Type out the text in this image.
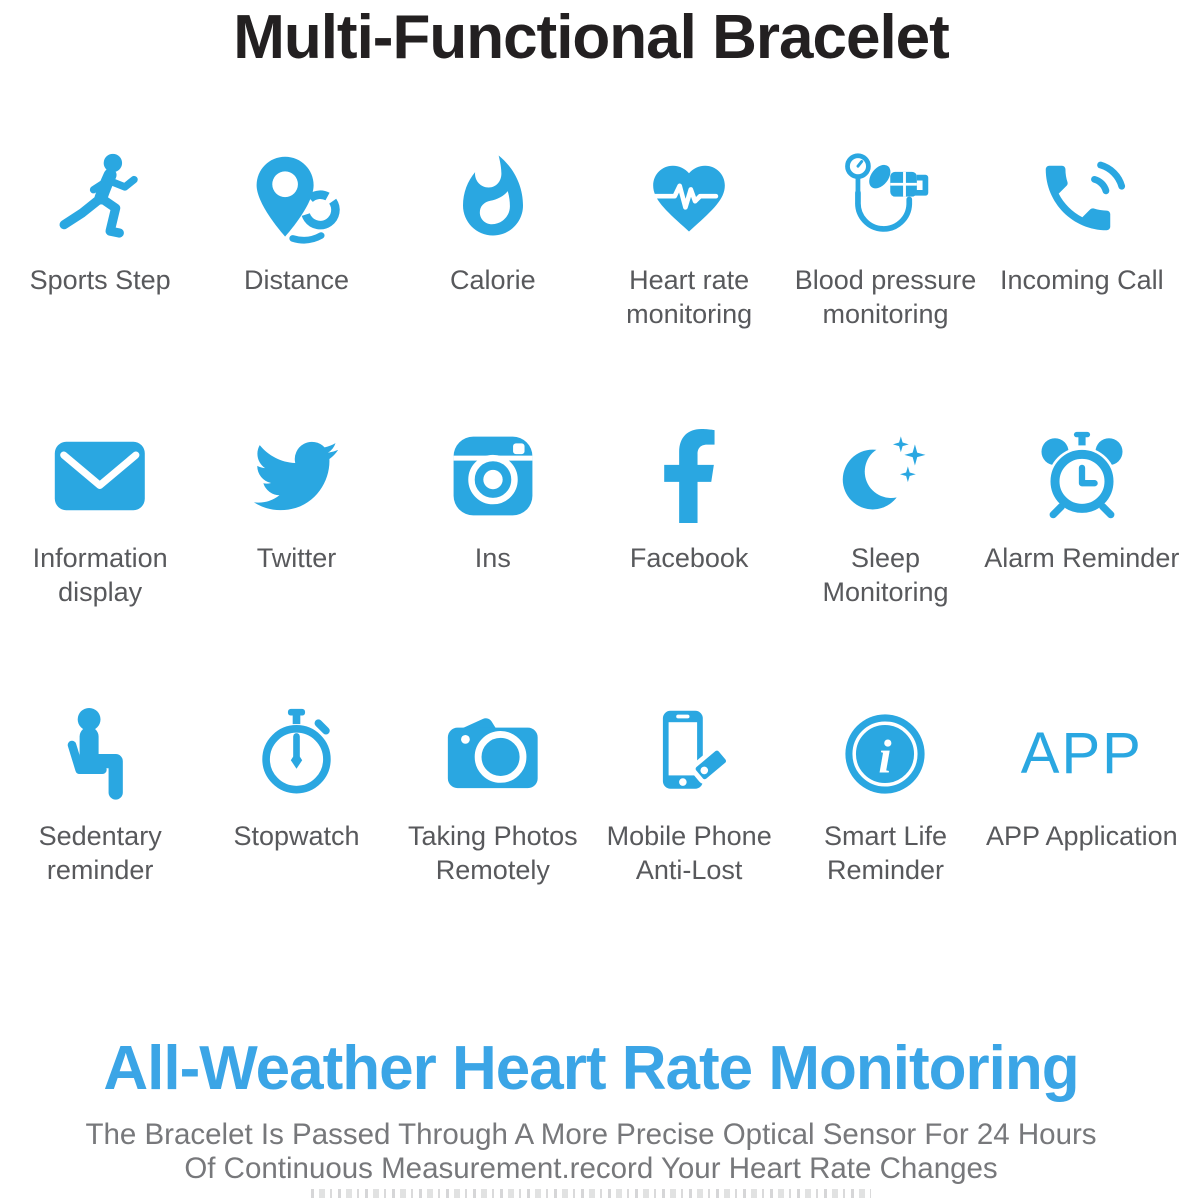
Multi-Functional Bracelet
Sports Step	Distance	Calorie	Heart rate
monitoring
Blood pressure
monitoring
Incoming Call
Information
display
Twitter	Ins	Facebook	Sleep
Monitoring
Alarm Reminder
Sedentary
reminder
Stopwatch Taking Photos
Remotely
Mobile Phone
Anti-Lost
i
Smart Life
Reminder
APP
APP Application
All-Weather Heart Rate Monitoring

The Bracelet Is Passed Through A More Precise Optical Sensor For 24 Hours

Of Continuous Measurement.record Your Heart Rate Changes
